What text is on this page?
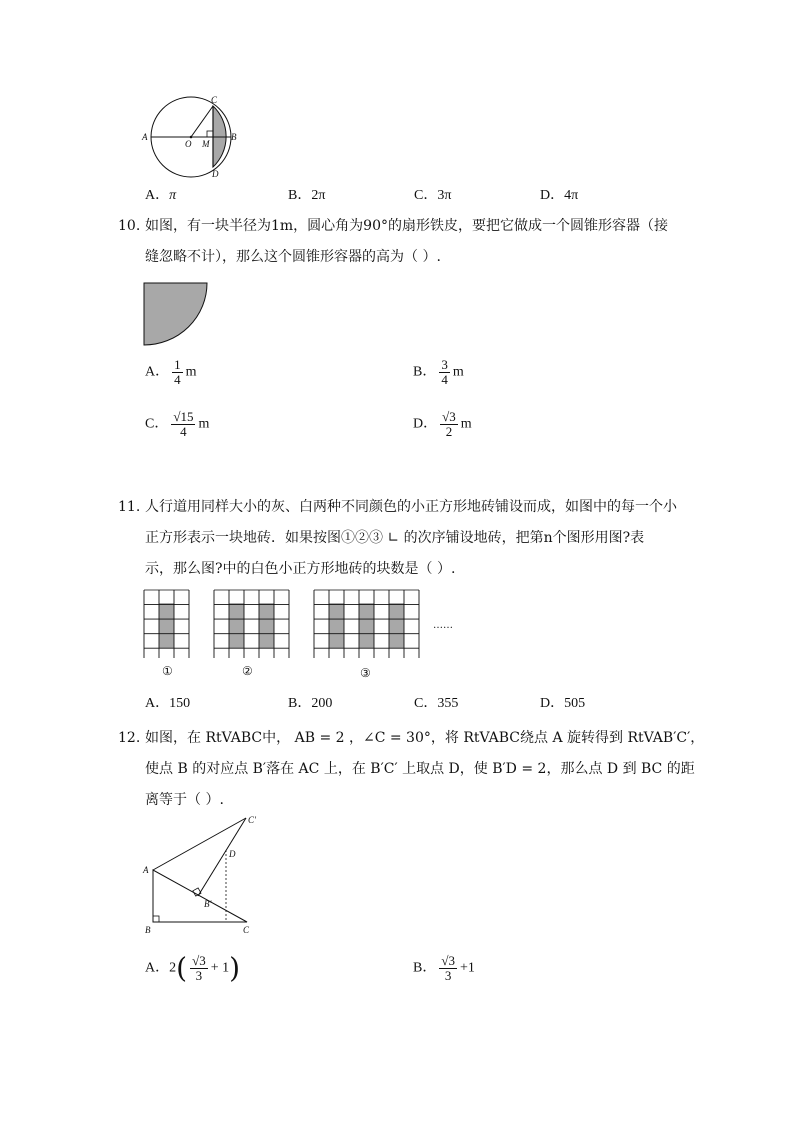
A
O M
B
C
D
A．π	B．2π	C．3π	D．4π
10. 如图，有一块半径为1m，圆心角为90°的扇形铁皮，要把它做成一个圆锥形容器（接
缝忽略不计），那么这个圆锥形容器的高为（ ）.
A． $\frac{1}{4}$ m	B． $\frac{3}{4}$ m
C． $\frac{√15}{4}$ m	D． $\frac{√3}{2}$ m
11. 人行道用同样大小的灰、白两种不同颜色的小正方形地砖铺设而成，如图中的每一个小
正方形表示一块地砖．如果按图①②③ ∟ 的次序铺设地砖，把第n个图形用图?表
示，那么图?中的白色小正方形地砖的块数是（ ）.
……
①	②	③
A．150	B．200	C．355	D．505
12. 如图，在 RtVABC中， AB = 2 ，∠C = 30°，将 RtVABC绕点 A 旋转得到 RtVAB′C′，
使点 B 的对应点 B′落在 AC 上，在 B′C′ 上取点 D，使 B′D = 2，那么点 D 到 BC 的距
离等于（ ）.
A
B	C
C′
D
B′
A．$2( \frac{√3}{3} + 1)$	B． $\frac{√3}{3} +1$
